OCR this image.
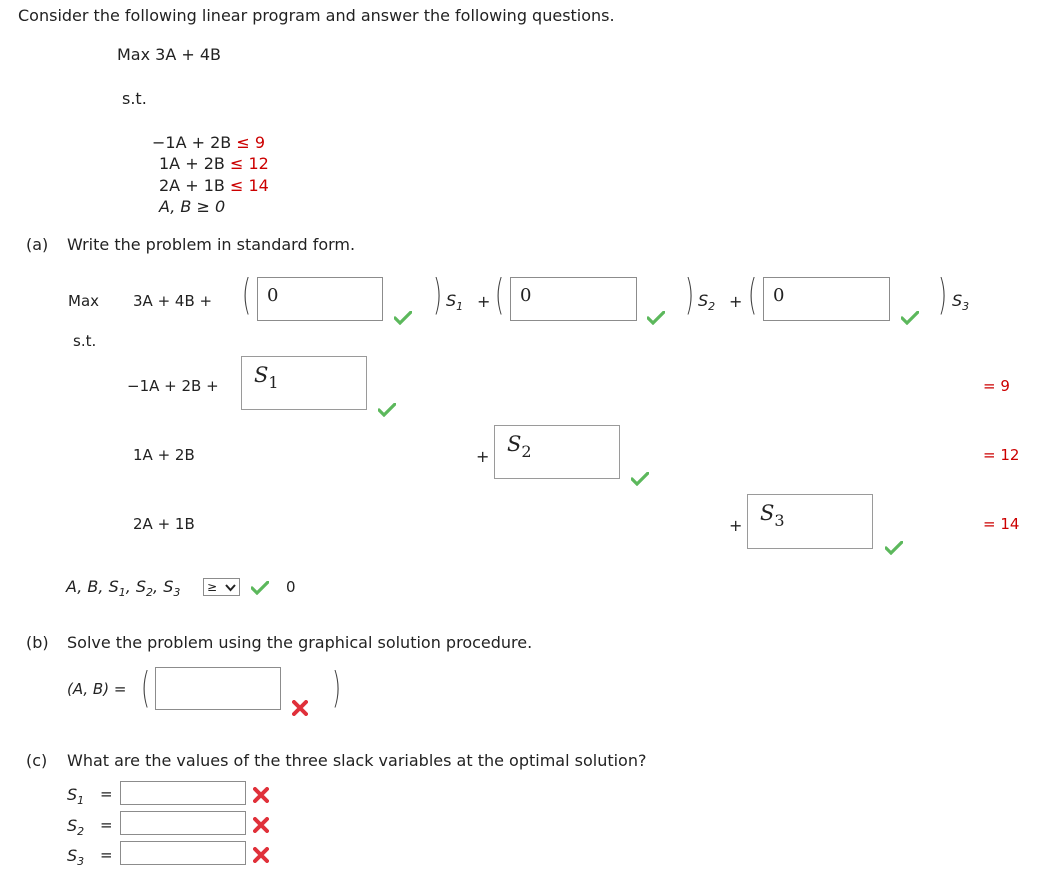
Consider the following linear program and answer the following questions.
Max 3A + 4B
s.t.
−1A + 2B ≤ 9
1A + 2B ≤ 12
2A + 1B ≤ 14
A, B ≥ 0
(a) Write the problem in standard form.
Max 3A + 4B + ( 0	) $S_1$ + ( 0	) $S_2$ + ( 0	) $S_3$
s.t.
$-1A + 2B + S_1$	= 9
1A + 2B	+
$S_2$	= 12
2A + 1B	+
$S_3$	= 14
A, B, $S_1$, $S_2$, $S_3$ ≥	0
(b) Solve the problem using the graphical solution procedure.
(A, B) = (	)
(c) What are the values of the three slack variables at the optimal solution?
$S_1$ =
$S_2$ =
$S_3$ =
